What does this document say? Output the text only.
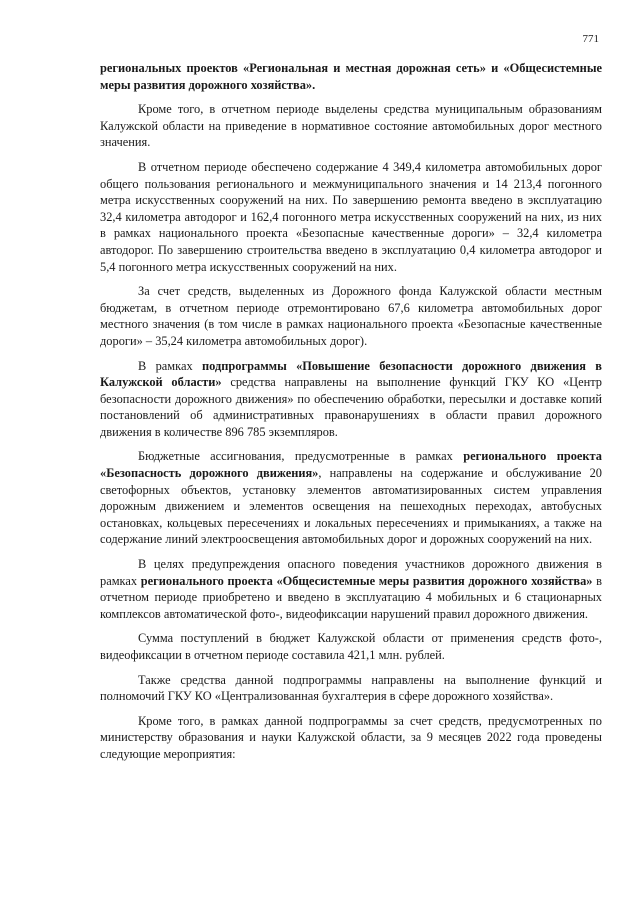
771

региональных проектов «Региональная и местная дорожная сеть» и «Общесистемные меры развития дорожного хозяйства».

Кроме того, в отчетном периоде выделены средства муниципальным образованиям Калужской области на приведение в нормативное состояние автомобильных дорог местного значения.

В отчетном периоде обеспечено содержание 4 349,4 километра автомобильных дорог общего пользования регионального и межмуниципального значения и 14 213,4 погонного метра искусственных сооружений на них. По завершению ремонта введено в эксплуатацию 32,4 километра автодорог и 162,4 погонного метра искусственных сооружений на них, из них в рамках национального проекта «Безопасные качественные дороги» – 32,4 километра автодорог. По завершению строительства введено в эксплуатацию 0,4 километра автодорог и 5,4 погонного метра искусственных сооружений на них.

За счет средств, выделенных из Дорожного фонда Калужской области местным бюджетам, в отчетном периоде отремонтировано 67,6 километра автомобильных дорог местного значения (в том числе в рамках национального проекта «Безопасные качественные дороги» – 35,24 километра автомобильных дорог).

В рамках подпрограммы «Повышение безопасности дорожного движения в Калужской области» средства направлены на выполнение функций ГКУ КО «Центр безопасности дорожного движения» по обеспечению обработки, пересылки и доставке копий постановлений об административных правонарушениях в области правил дорожного движения в количестве 896 785 экземпляров.

Бюджетные ассигнования, предусмотренные в рамках регионального проекта «Безопасность дорожного движения», направлены на содержание и обслуживание 20 светофорных объектов, установку элементов автоматизированных систем управления дорожным движением и элементов освещения на пешеходных переходах, автобусных остановках, кольцевых пересечениях и локальных пересечениях и примыканиях, а также на содержание линий электроосвещения автомобильных дорог и дорожных сооружений на них.

В целях предупреждения опасного поведения участников дорожного движения в рамках регионального проекта «Общесистемные меры развития дорожного хозяйства» в отчетном периоде приобретено и введено в эксплуатацию 4 мобильных и 6 стационарных комплексов автоматической фото-, видеофиксации нарушений правил дорожного движения.

Сумма поступлений в бюджет Калужской области от применения средств фото-, видеофиксации в отчетном периоде составила 421,1 млн. рублей.

Также средства данной подпрограммы направлены на выполнение функций и полномочий ГКУ КО «Централизованная бухгалтерия в сфере дорожного хозяйства».

Кроме того, в рамках данной подпрограммы за счет средств, предусмотренных по министерству образования и науки Калужской области, за 9 месяцев 2022 года проведены следующие мероприятия:
